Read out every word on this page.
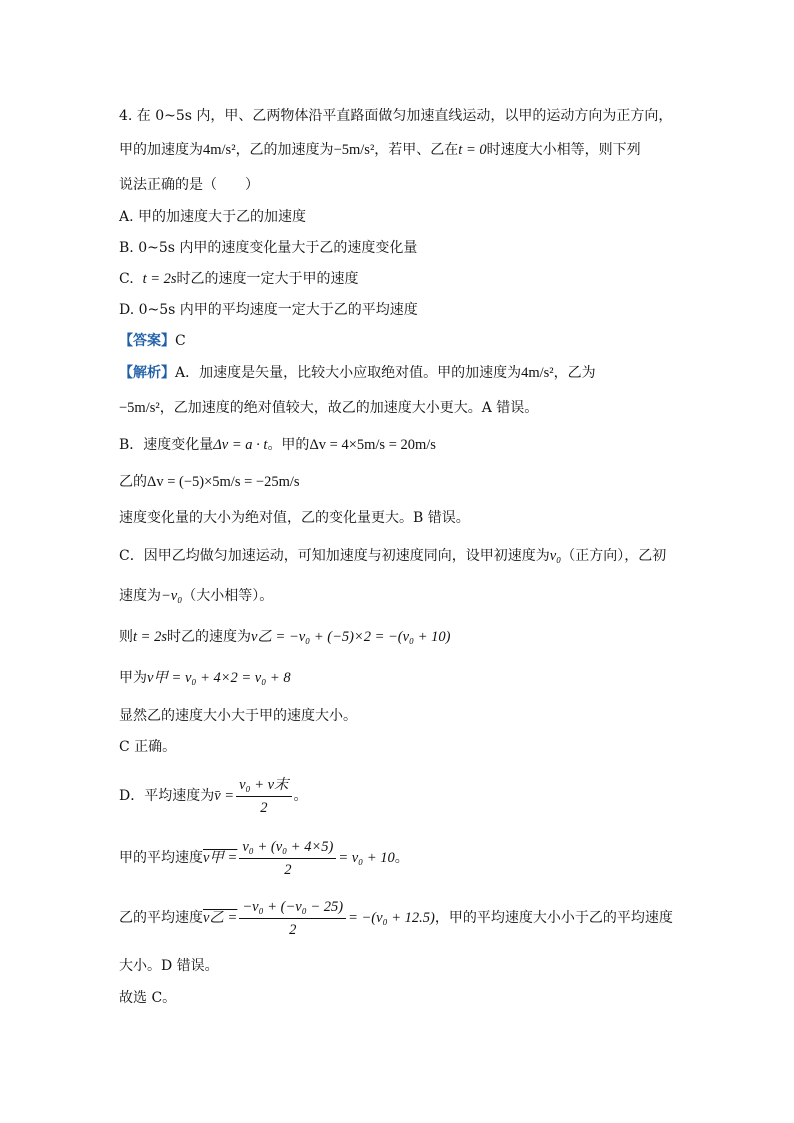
4. 在 0~5s 内，甲、乙两物体沿平直路面做匀加速直线运动，以甲的运动方向为正方向，
甲的加速度为4m/s²，乙的加速度为−5m/s²，若甲、乙在t = 0时速度大小相等，则下列
说法正确的是（　　）
A. 甲的加速度大于乙的加速度
B. 0~5s 内甲的速度变化量大于乙的速度变化量
C. t = 2s时乙的速度一定大于甲的速度
D. 0~5s 内甲的平均速度一定大于乙的平均速度
【答案】C
【解析】A．加速度是矢量，比较大小应取绝对值。甲的加速度为4m/s²，乙为
−5m/s²，乙加速度的绝对值较大，故乙的加速度大小更大。A 错误。
B．速度变化量Δv = a · t。甲的Δv = 4×5m/s = 20m/s
乙的Δv = (−5)×5m/s = −25m/s
速度变化量的大小为绝对值，乙的变化量更大。B 错误。
C．因甲乙均做匀加速运动，可知加速度与初速度同向，设甲初速度为v₀（正方向），乙初
速度为−v₀（大小相等）。
则t = 2s时乙的速度为v乙 = −v₀ + (−5)×2 = −(v₀ + 10)
甲为v甲 = v₀ + 4×2 = v₀ + 8
显然乙的速度大小大于甲的速度大小。
C 正确。
D．平均速度为v̄ = $\frac{\text{v₀ + v末}}{2}$ 。
甲的平均速度v甲 = $\frac{\text{v₀ + (v₀ + 4×5)}}{2} = v_0 + 10$。
乙的平均速度v乙 = $\frac{\text{−v₀ + (−v₀ − 25)}}{2} = -(v_0 + 12.5)$，甲的平均速度大小小于乙的平均速度
大小。D 错误。
故选 C。
